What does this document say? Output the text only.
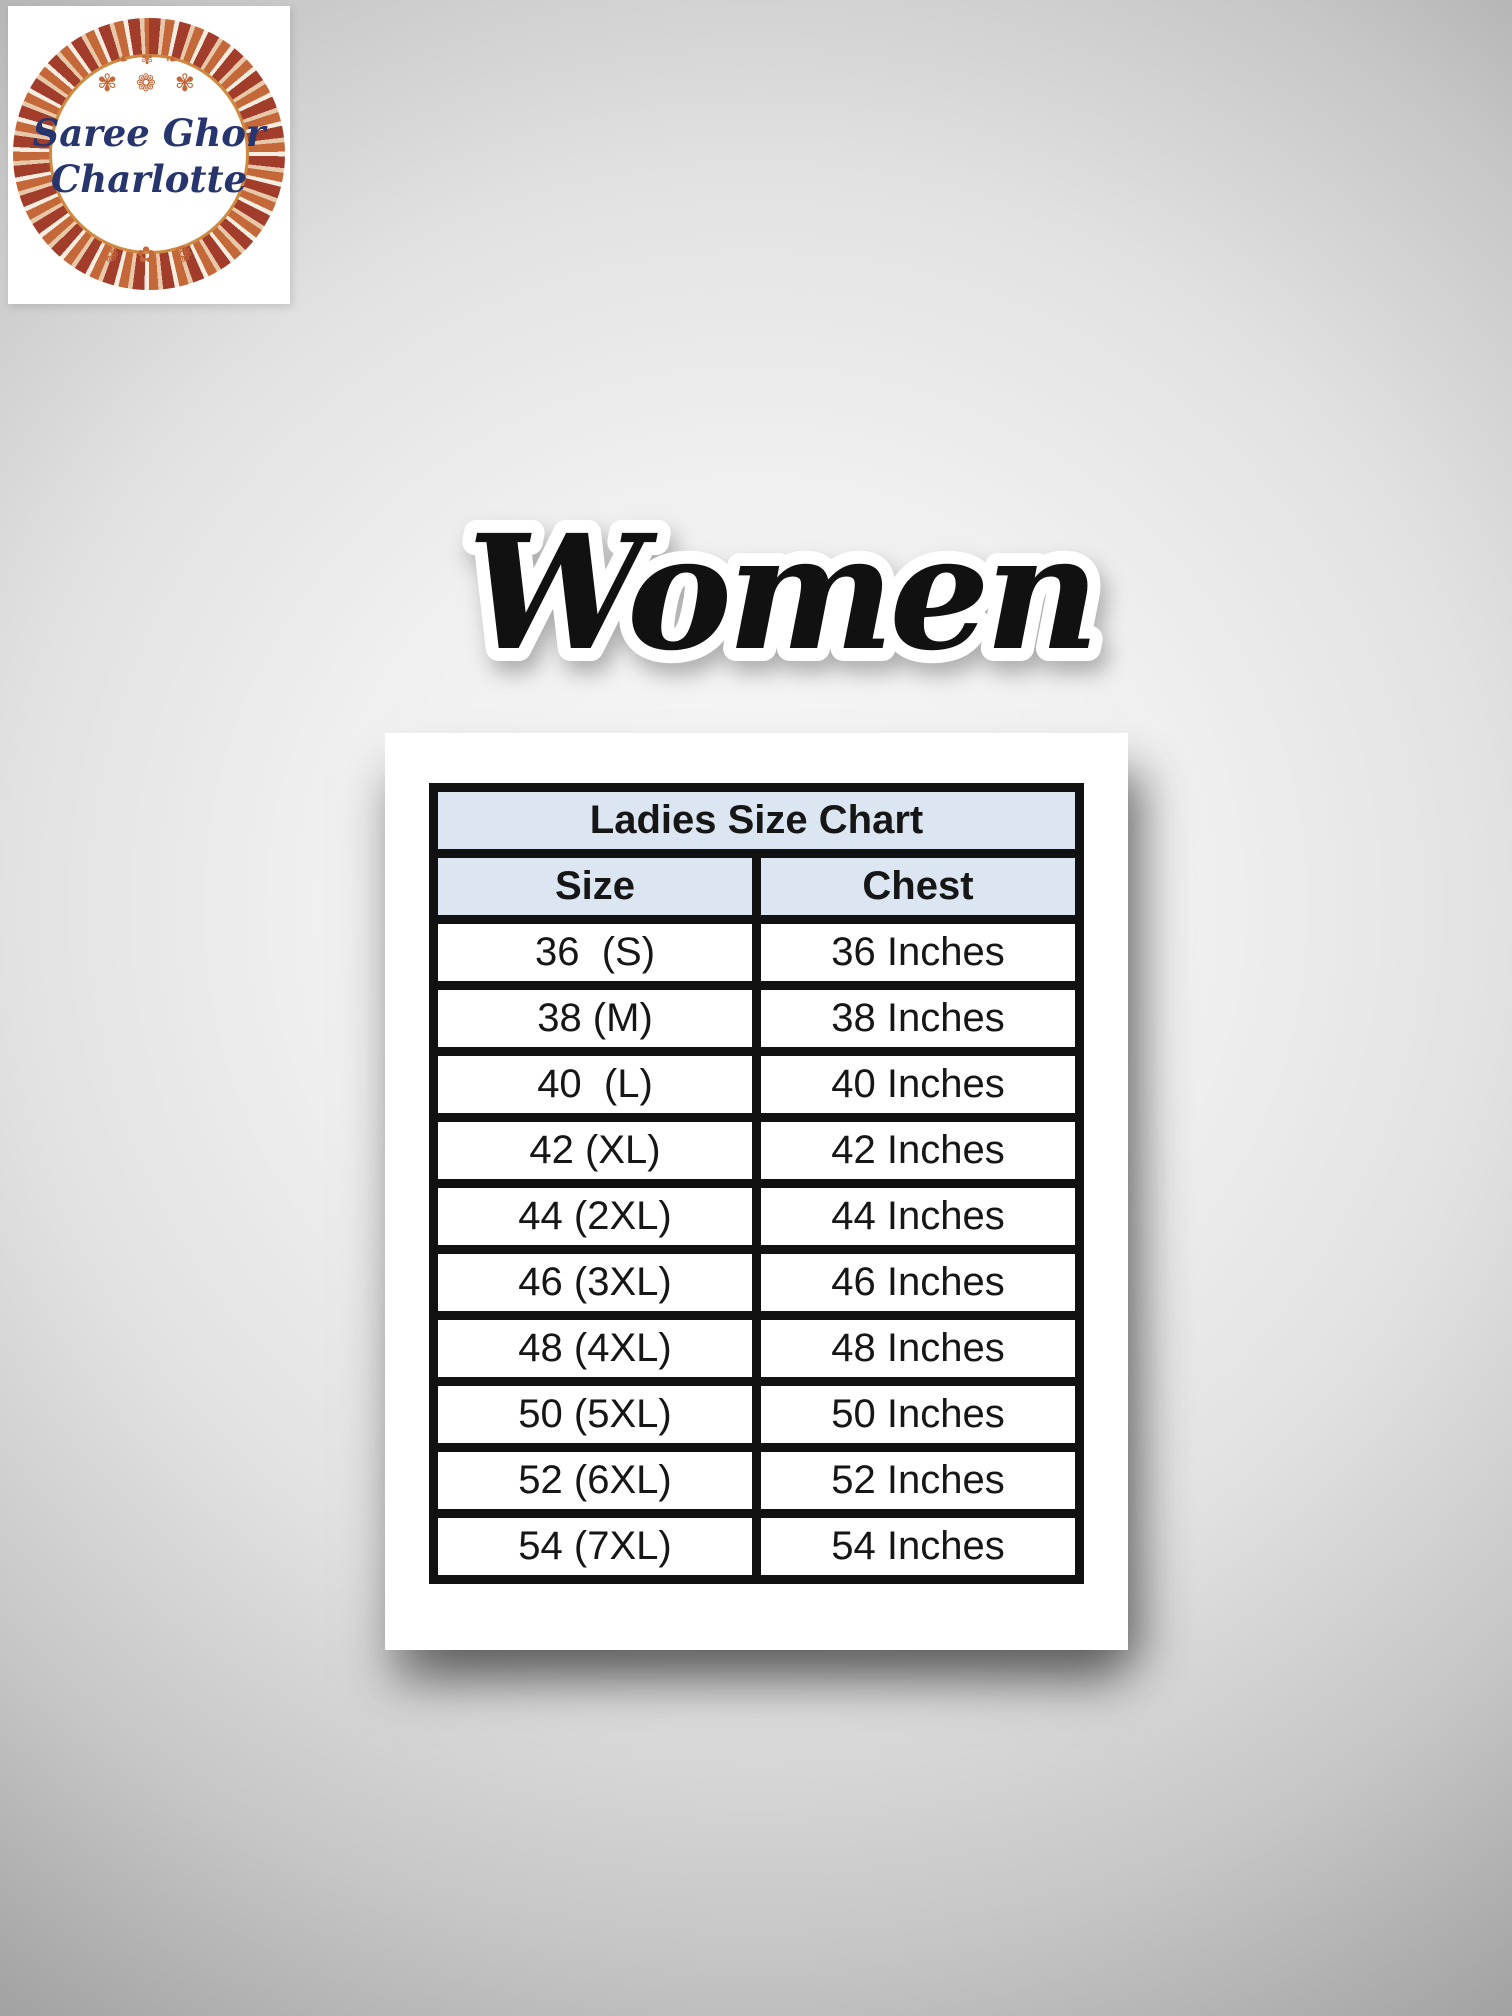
❧ ✾ ❧
✾ ❁ ✾
Saree Ghor
Charlotte
❁ ✿ ❁
Women
Ladies Size Chart	
Size	Chest
36  (S)	36 Inches
38 (M)	38 Inches
40  (L)	40 Inches
42 (XL)	42 Inches
44 (2XL)	44 Inches
46 (3XL)	46 Inches
48 (4XL)	48 Inches
50 (5XL)	50 Inches
52 (6XL)	52 Inches
54 (7XL)	54 Inches
